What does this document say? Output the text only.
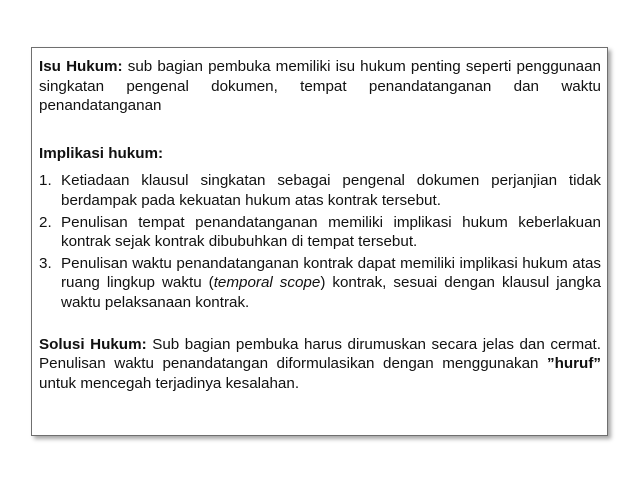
Isu Hukum: sub bagian pembuka memiliki isu hukum penting seperti penggunaan singkatan pengenal dokumen, tempat penandatanganan dan waktu penandatanganan

Implikasi hukum:

1. Ketiadaan klausul singkatan sebagai pengenal dokumen perjanjian tidak berdampak pada kekuatan hukum atas kontrak tersebut.
2. Penulisan tempat penandatanganan memiliki implikasi hukum keberlakuan kontrak sejak kontrak dibubuhkan di tempat tersebut.
3. Penulisan waktu penandatanganan kontrak dapat memiliki implikasi hukum atas ruang lingkup waktu (temporal scope) kontrak, sesuai dengan klausul jangka waktu pelaksanaan kontrak.

Solusi Hukum: Sub bagian pembuka harus dirumuskan secara jelas dan cermat. Penulisan waktu penandatangan diformulasikan dengan menggunakan ”huruf” untuk mencegah terjadinya kesalahan.
